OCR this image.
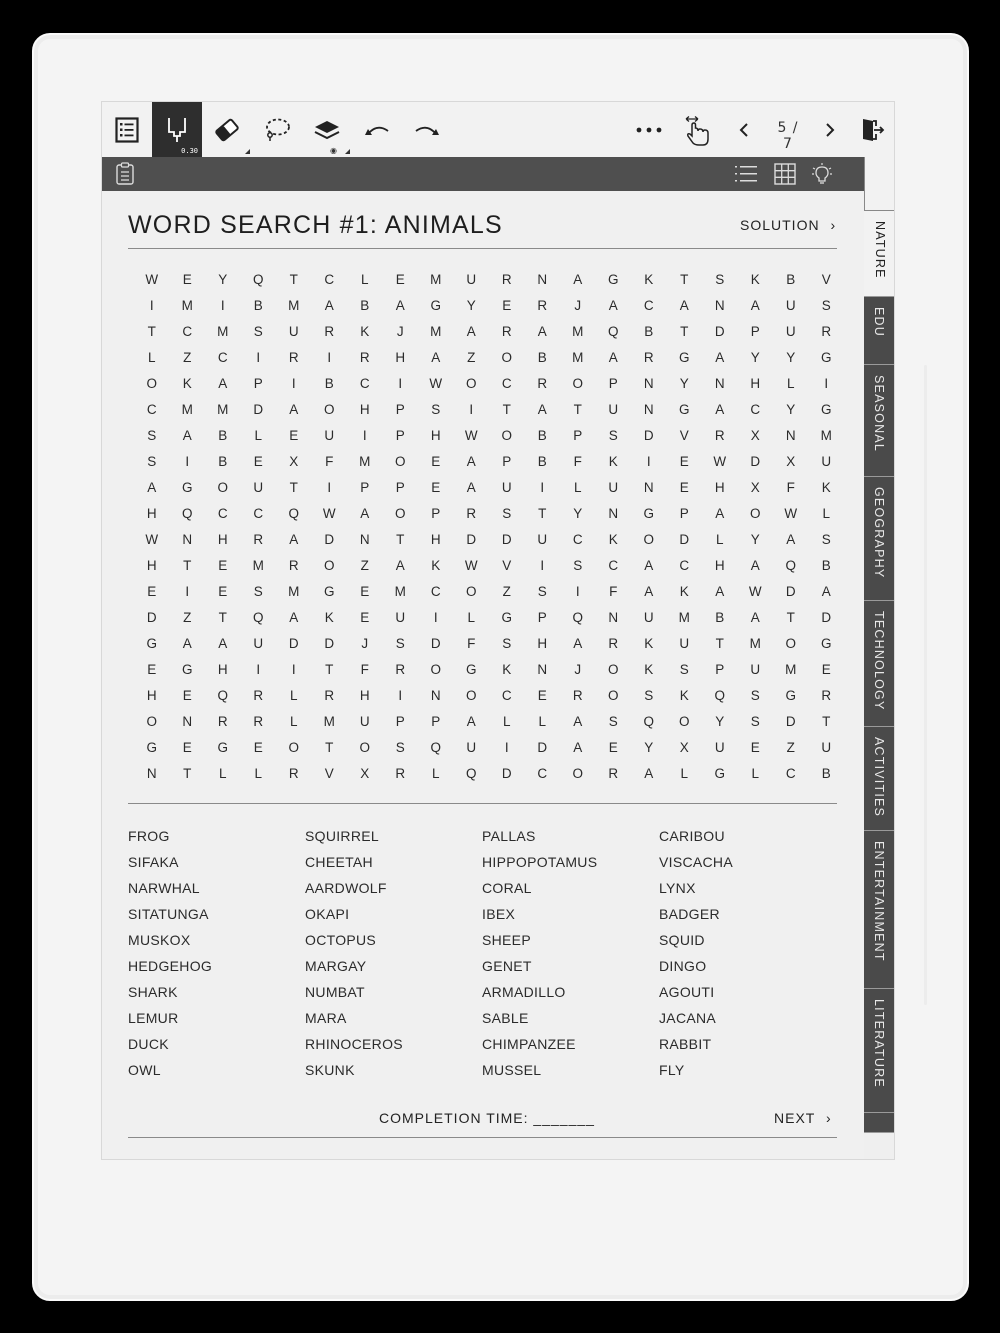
0.30	◉
5 / 7
WORD SEARCH #1: ANIMALS	SOLUTION ›
W	E	Y	Q	T	C	L	E	M	U	R	N	A	G	K	T	S	K	B	V
I	M	I	B	M	A	B	A	G	Y	E	R	J	A	C	A	N	A	U	S
T	C	M	S	U	R	K	J	M	A	R	A	M	Q	B	T	D	P	U	R
L	Z	C	I	R	I	R	H	A	Z	O	B	M	A	R	G	A	Y	Y	G
O	K	A	P	I	B	C	I	W	O	C	R	O	P	N	Y	N	H	L	I
C	M	M	D	A	O	H	P	S	I	T	A	T	U	N	G	A	C	Y	G
S	A	B	L	E	U	I	P	H	W	O	B	P	S	D	V	R	X	N	M
S	I	B	E	X	F	M	O	E	A	P	B	F	K	I	E	W	D	X	U
A	G	O	U	T	I	P	P	E	A	U	I	L	U	N	E	H	X	F	K
H	Q	C	C	Q	W	A	O	P	R	S	T	Y	N	G	P	A	O	W	L
W	N	H	R	A	D	N	T	H	D	D	U	C	K	O	D	L	Y	A	S
H	T	E	M	R	O	Z	A	K	W	V	I	S	C	A	C	H	A	Q	B
E	I	E	S	M	G	E	M	C	O	Z	S	I	F	A	K	A	W	D	A
D	Z	T	Q	A	K	E	U	I	L	G	P	Q	N	U	M	B	A	T	D
G	A	A	U	D	D	J	S	D	F	S	H	A	R	K	U	T	M	O	G
E	G	H	I	I	T	F	R	O	G	K	N	J	O	K	S	P	U	M	E
H	E	Q	R	L	R	H	I	N	O	C	E	R	O	S	K	Q	S	G	R
O	N	R	R	L	M	U	P	P	A	L	L	A	S	Q	O	Y	S	D	T
G	E	G	E	O	T	O	S	Q	U	I	D	A	E	Y	X	U	E	Z	U
N	T	L	L	R	V	X	R	L	Q	D	C	O	R	A	L	G	L	C	B
FROG
SIFAKA
NARWHAL
SITATUNGA
MUSKOX
HEDGEHOG
SHARK
LEMUR
DUCK
OWL
SQUIRREL
CHEETAH
AARDWOLF
OKAPI
OCTOPUS
MARGAY
NUMBAT
MARA
RHINOCEROS
SKUNK
PALLAS
HIPPOPOTAMUS
CORAL
IBEX
SHEEP
GENET
ARMADILLO
SABLE
CHIMPANZEE
MUSSEL
CARIBOU
VISCACHA
LYNX
BADGER
SQUID
DINGO
AGOUTI
JACANA
RABBIT
FLY
COMPLETION TIME: _______	NEXT ›
NATURE
EDU
SEASONAL
GEOGRAPHY
TECHNOLOGY
ACTIVITIES
ENTERTAINMENT
LITERATURE
